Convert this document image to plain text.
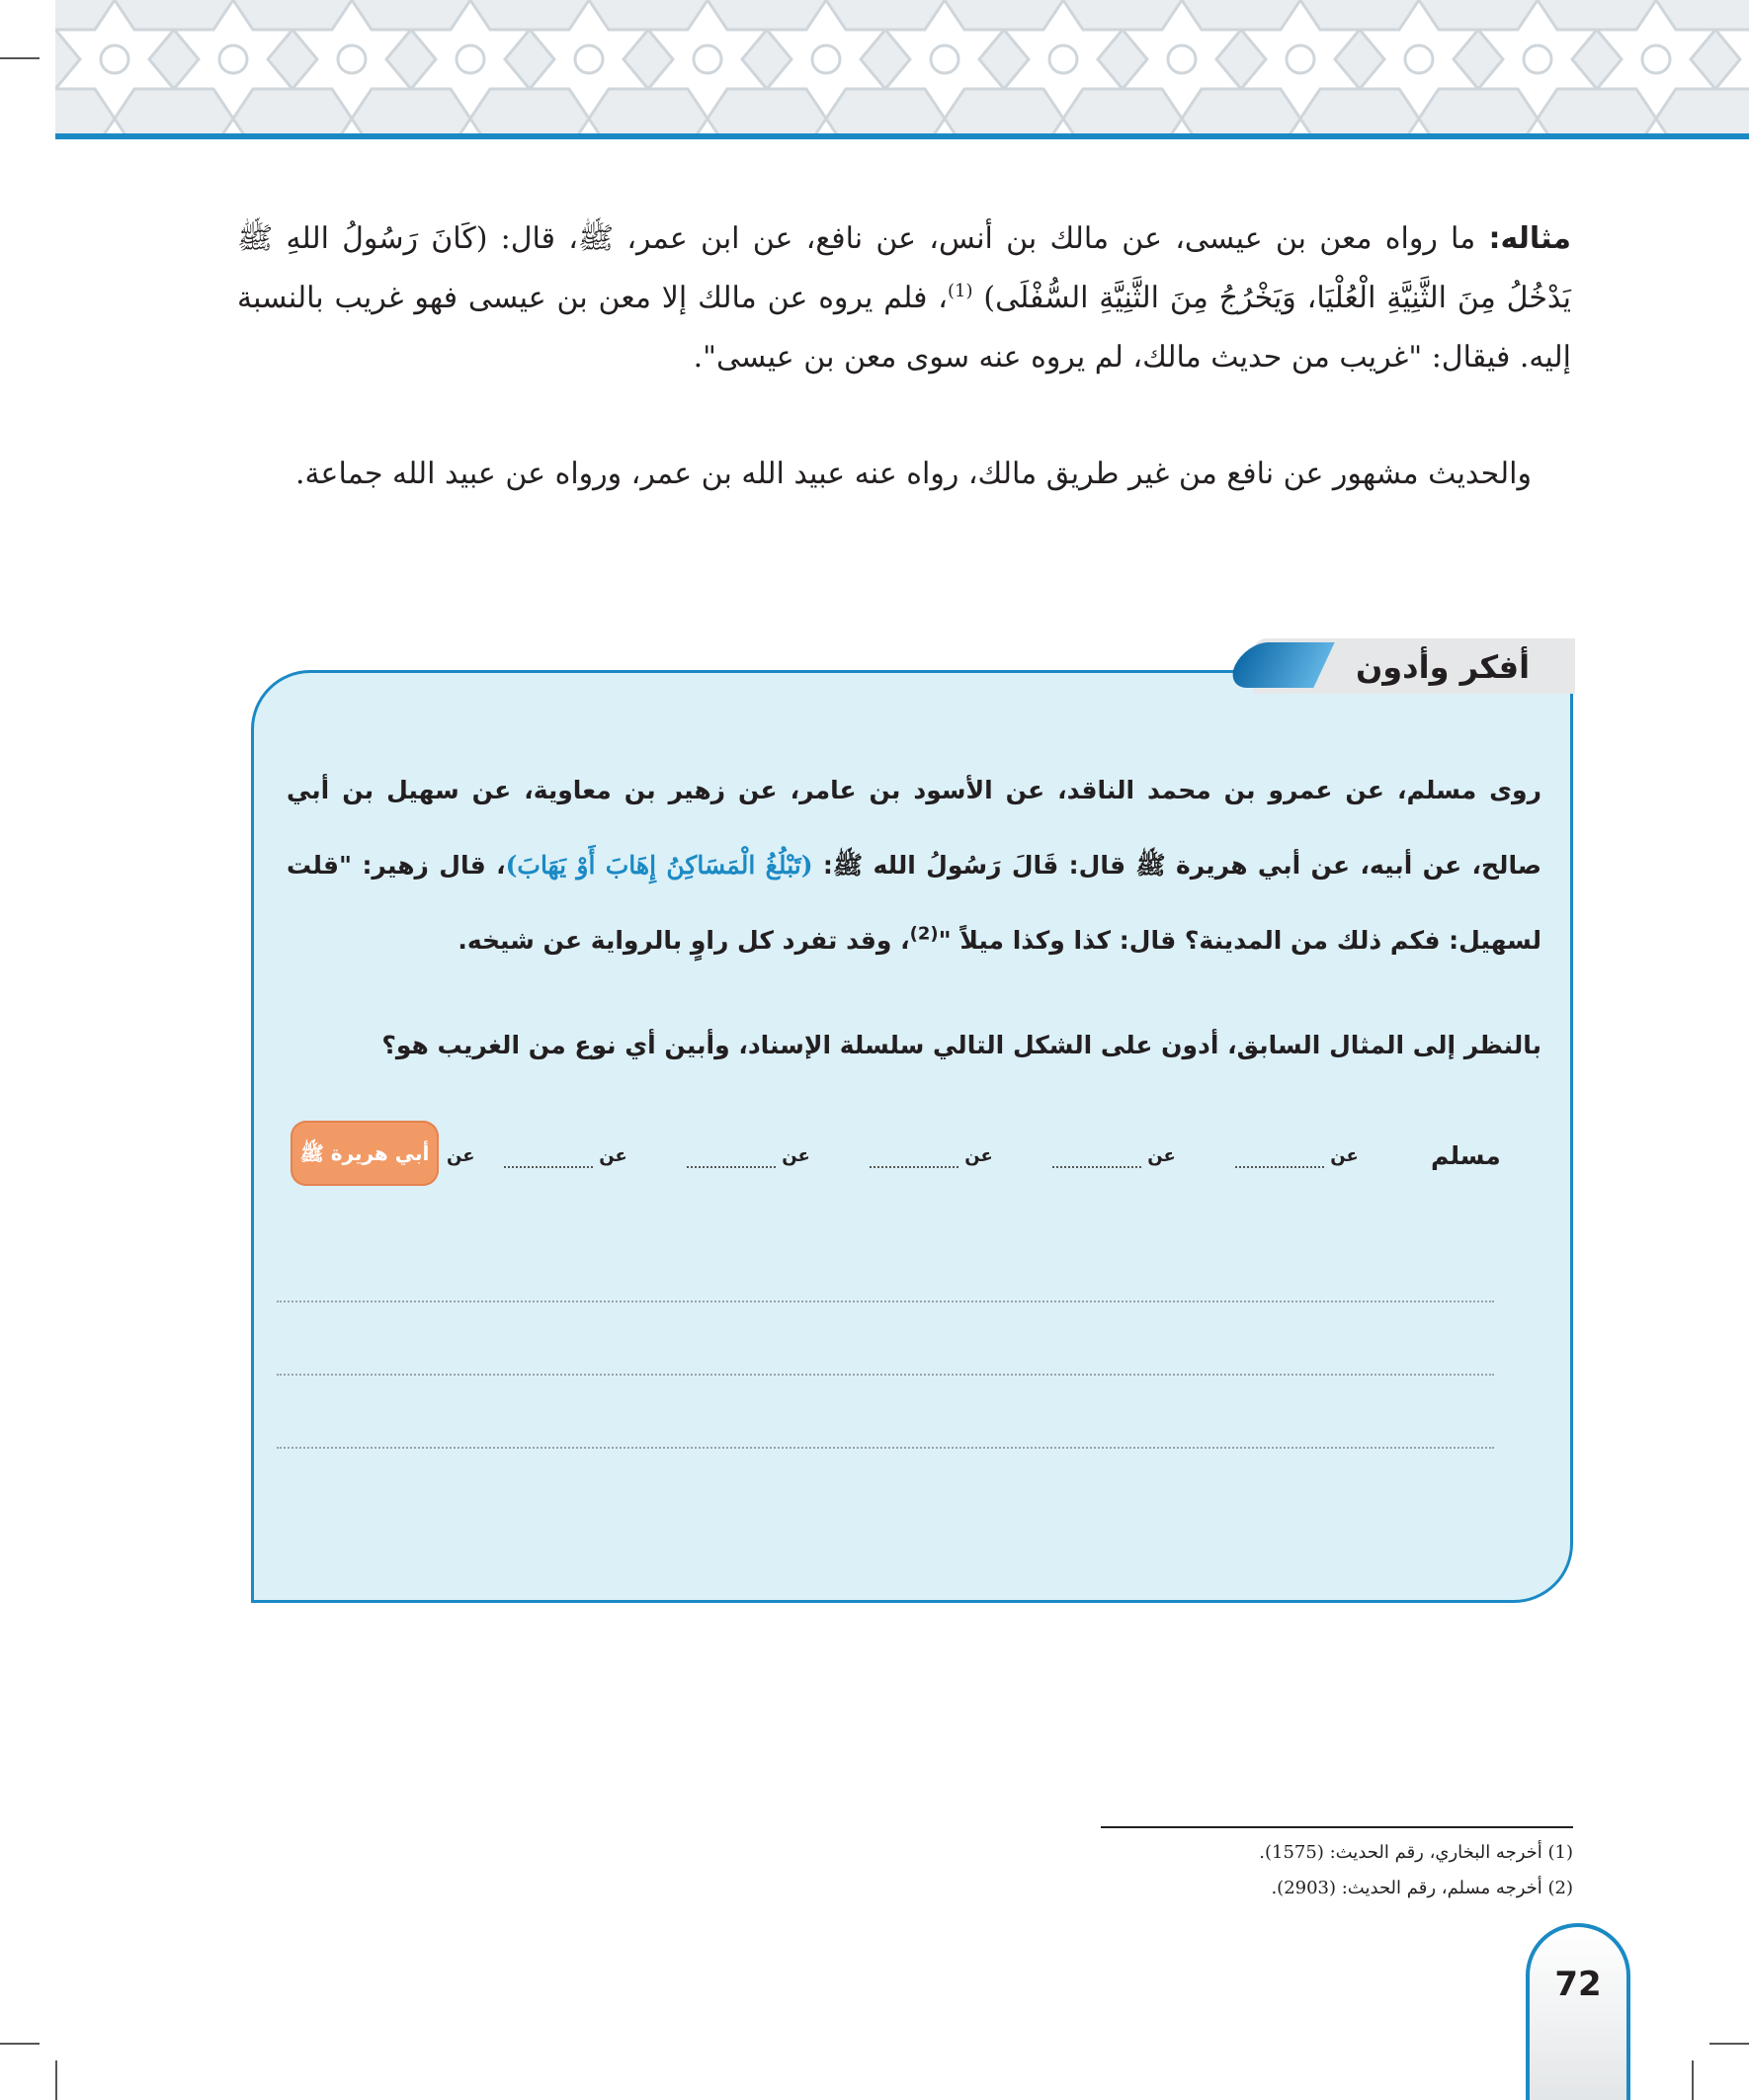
مثاله: ما رواه معن بن عيسى، عن مالك بن أنس، عن نافع، عن ابن عمر، ﷺ، قال: (كَانَ رَسُولُ اللهِ ﷺ يَدْخُلُ مِنَ الثَّنِيَّةِ الْعُلْيَا، وَيَخْرُجُ مِنَ الثَّنِيَّةِ السُّفْلَى) $^{(1)}$، فلم يروه عن مالك إلا معن بن عيسى فهو غريب بالنسبة إليه. فيقال: "غريب من حديث مالك، لم يروه عنه سوى معن بن عيسى".
والحديث مشهور عن نافع من غير طريق مالك، رواه عنه عبيد الله بن عمر، ورواه عن عبيد الله جماعة.
أفكر وأدون
روى مسلم، عن عمرو بن محمد الناقد، عن الأسود بن عامر، عن زهير بن معاوية، عن سهيل بن أبي صالح، عن أبيه، عن أبي هريرة ﷺ قال: قَالَ رَسُولُ الله ﷺ: (تَبْلُغُ الْمَسَاكِنُ إِهَابَ أَوْ يَهَابَ)، قال زهير: "قلت لسهيل: فكم ذلك من المدينة؟ قال: كذا وكذا ميلاً "$^{(2)}$، وقد تفرد كل راوٍ بالرواية عن شيخه.
بالنظر إلى المثال السابق، أدون على الشكل التالي سلسلة الإسناد، وأبين أي نوع من الغريب هو؟
مسلم
عن
عن
عن
عن
عن
عن
أبي هريرة ﷺ
(1) أخرجه البخاري، رقم الحديث: (1575).
(2) أخرجه مسلم، رقم الحديث: (2903).
72
